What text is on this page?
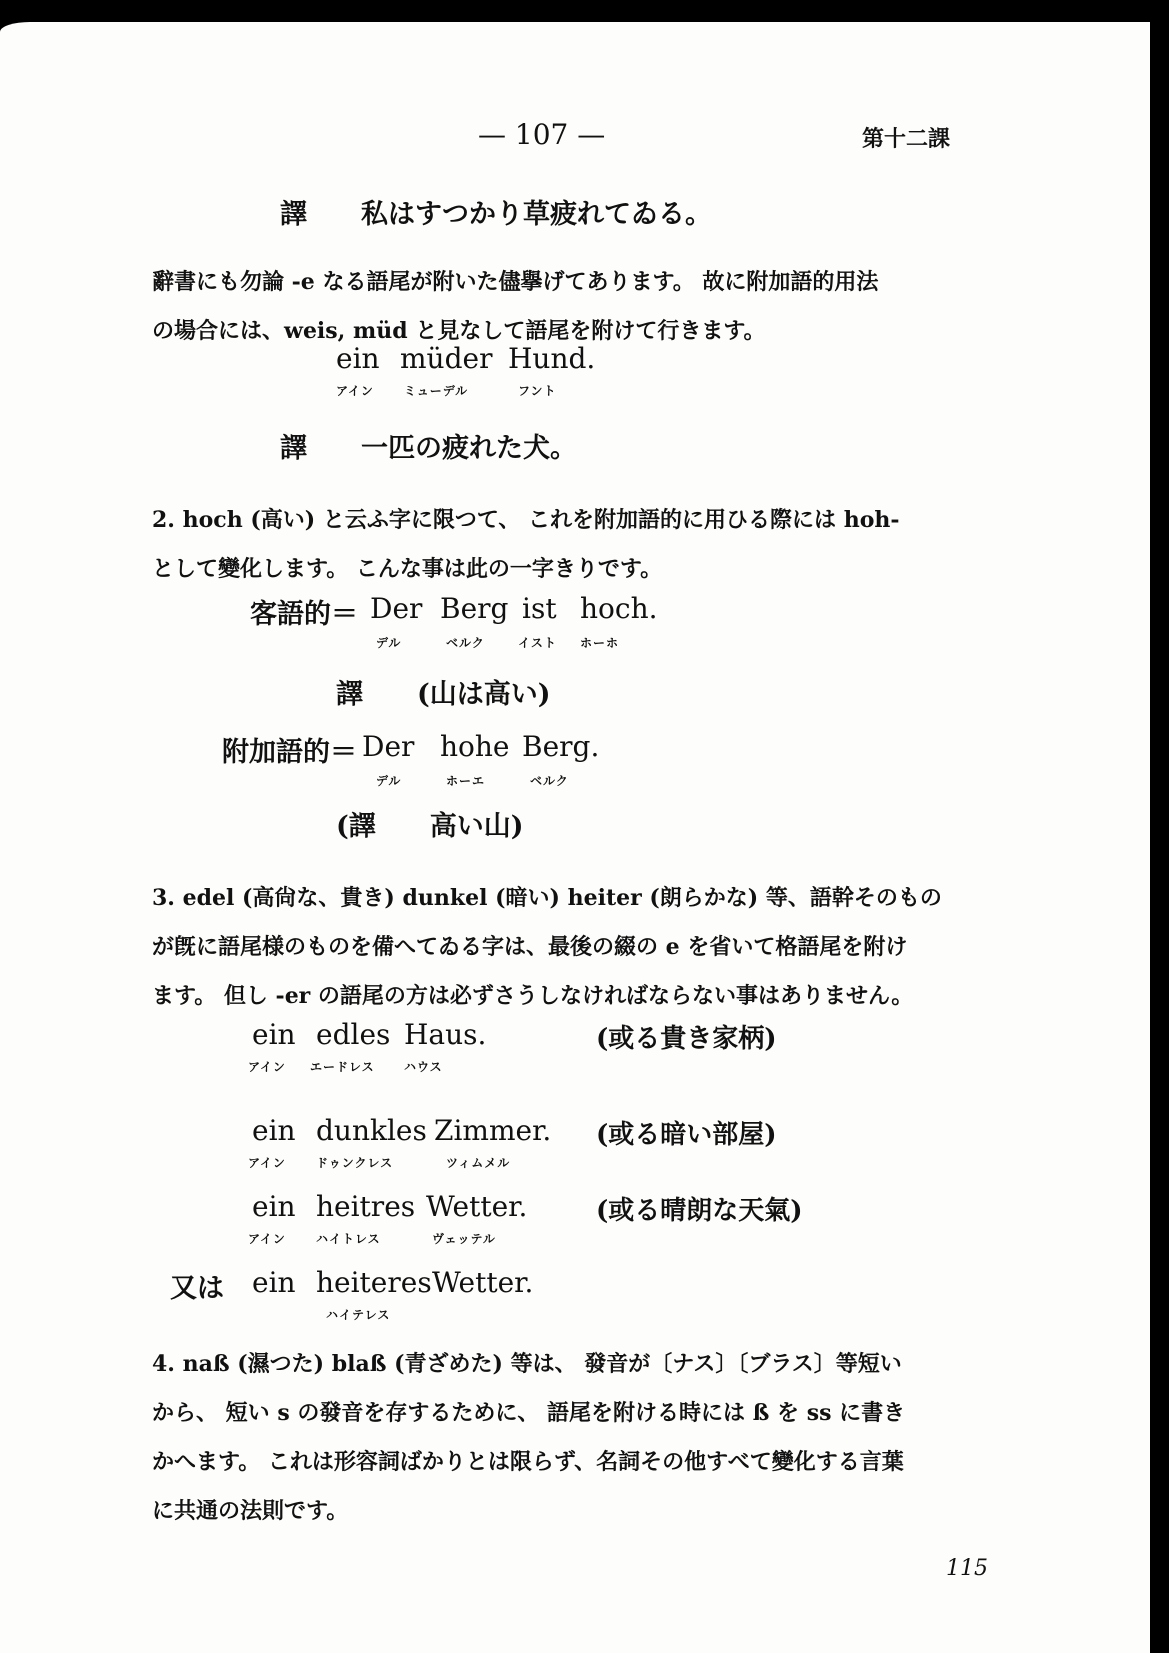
— 107 —	第十二課
譯　　私はすつかり草疲れてゐる。
辭書にも勿論 -e なる語尾が附いた儘擧げてあります。 故に附加語的用法
の場合には、weis, müd と見なして語尾を附けて行きます。
ein
アイン
müder
ミューデル
Hund.
フント
譯　　一匹の疲れた犬。
2. hoch (高い) と云ふ字に限つて、 これを附加語的に用ひる際には hoh-
として變化します。 こんな事は此の一字きりです。
客語的＝ Der
デル
Berg
ベルク
ist
イスト
hoch.
ホーホ
譯　　(山は高い)
附加語的＝ Der
デル
hohe
ホーエ
Berg.
ベルク
(譯　　高い山)
3. edel (高尙な、貴き) dunkel (暗い) heiter (朗らかな) 等、語幹そのもの
が旣に語尾様のものを備へてゐる字は、最後の綴の e を省いて格語尾を附け
ます。 但し -er の語尾の方は必ずさうしなければならない事はありません。
ein
アイン
edles
エードレス
Haus.
ハウス
(或る貴き家柄)
ein
アイン
dunkles
ドゥンクレス
Zimmer.
ツィムメル
(或る暗い部屋)
ein
アイン
heitres
ハイトレス
Wetter.
ヴェッテル
(或る晴朗な天氣)
又は ein heiteres
ハイテレス
Wetter.
4. naß (濕つた) blaß (青ざめた) 等は、 發音が〔ナス〕〔ブラス〕等短い
から、 短い s の發音を存するために、 語尾を附ける時には ß を ss に書き
かへます。 これは形容詞ばかりとは限らず、名詞その他すべて變化する言葉
に共通の法則です。
115
